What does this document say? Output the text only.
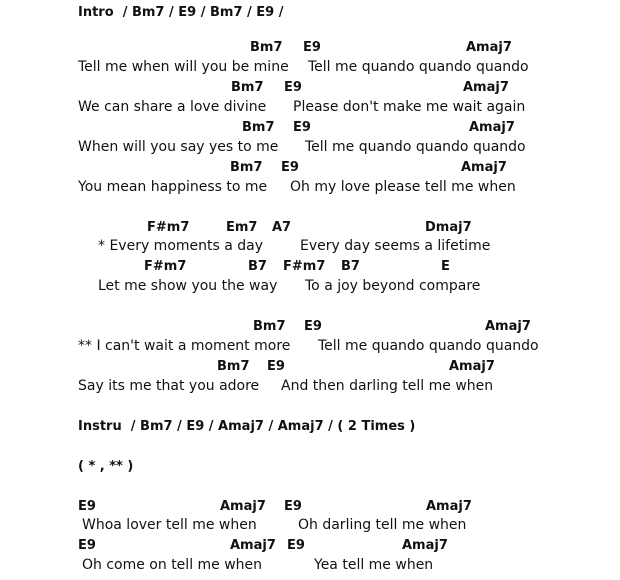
Intro  / Bm7 / E9 / Bm7 / E9 /
Bm7 E9	Amaj7
Tell me when will you be mine Tell me quando quando quando
Bm7 E9	Amaj7
We can share a love divine Please don't make me wait again
Bm7 E9	Amaj7
When will you say yes to me Tell me quando quando quando
Bm7 E9	Amaj7
You mean happiness to me Oh my love please tell me when
F#m7	Em7 A7	Dmaj7
* Every moments a day	Every day seems a lifetime
F#m7	B7 F#m7 B7	E
Let me show you the way To a joy beyond compare
Bm7 E9	Amaj7
** I can't wait a moment more Tell me quando quando quando
Bm7 E9	Amaj7
Say its me that you adore And then darling tell me when
Instru  / Bm7 / E9 / Amaj7 / Amaj7 / ( 2 Times )
( * , ** )
E9	Amaj7 E9	Amaj7
Whoa lover tell me when	Oh darling tell me when
E9	Amaj7 E9	Amaj7
Oh come on tell me when	Yea tell me when
